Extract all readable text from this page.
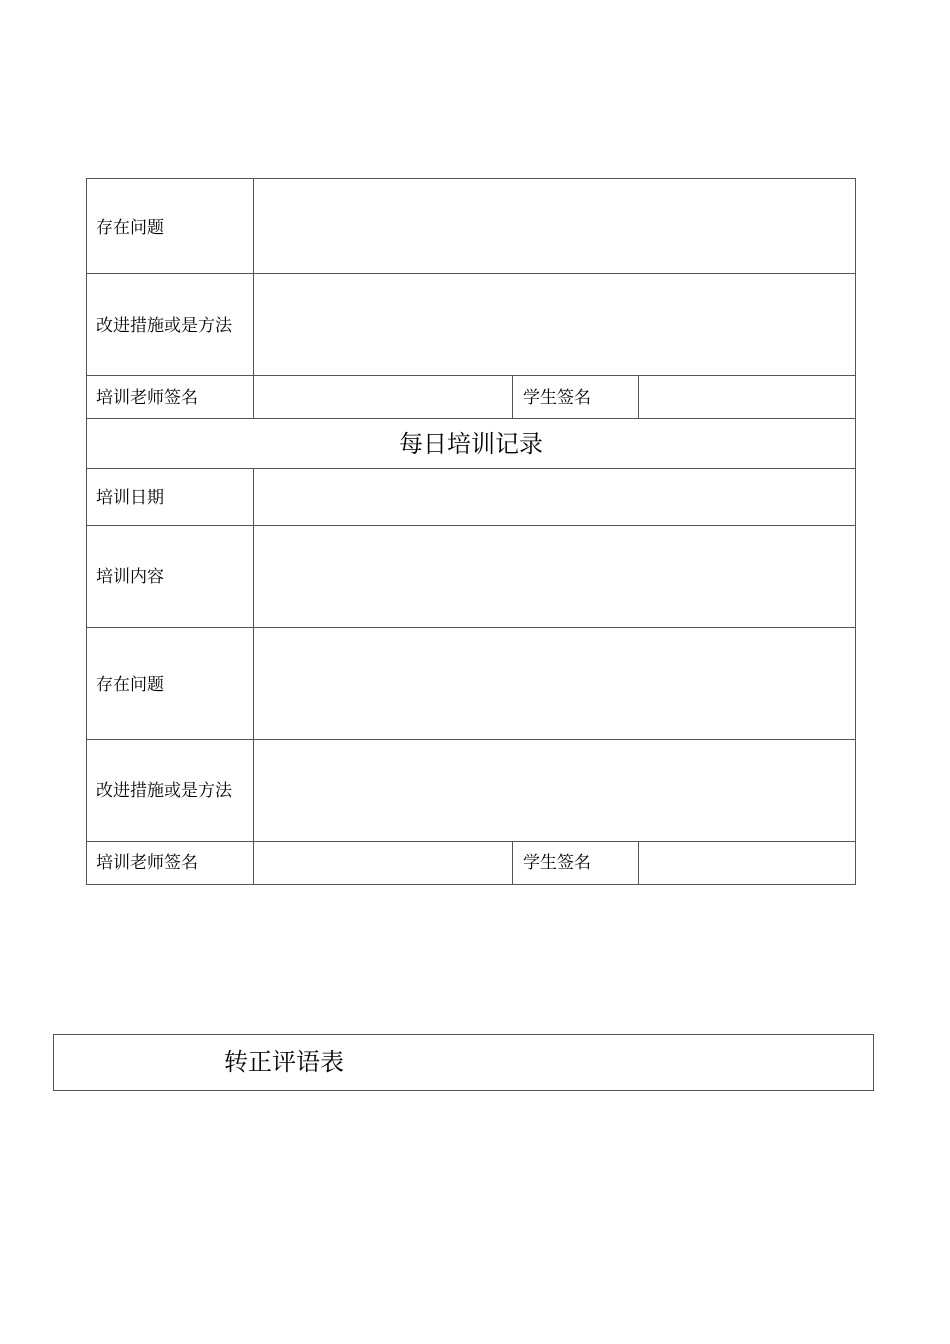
存在问题
改进措施或是方法
培训老师签名	学生签名
每日培训记录
培训日期
培训内容
存在问题
改进措施或是方法
培训老师签名	学生签名
转正评语表
